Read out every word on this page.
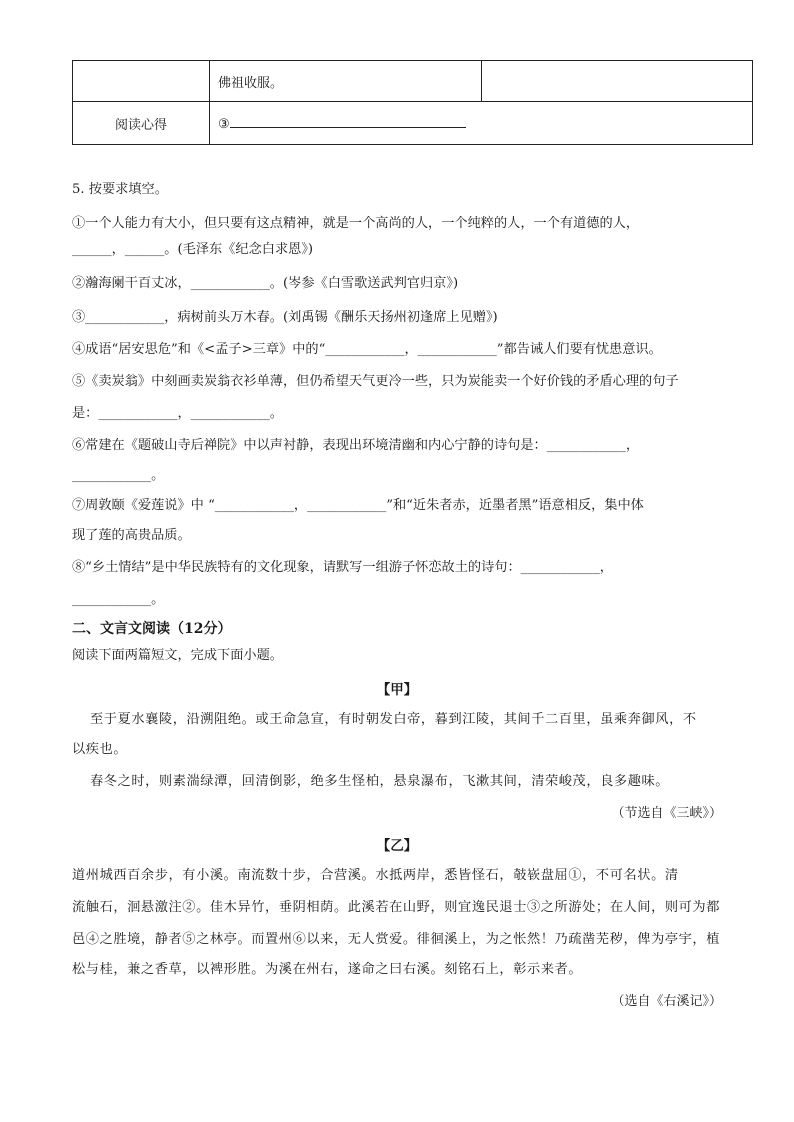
	佛祖收服。	
阅读心得	③	
5. 按要求填空。
①一个人能力有大小，但只要有这点精神，就是一个高尚的人，一个纯粹的人，一个有道德的人，
______，______。(毛泽东《纪念白求恩》)
②瀚海阑干百丈冰，____________。(岑参《白雪歌送武判官归京》)
③____________，病树前头万木春。(刘禹锡《酬乐天扬州初逢席上见赠》)
④成语“居安思危”和《<孟子>三章》中的“____________，____________”都告诫人们要有忧患意识。
⑤《卖炭翁》中刻画卖炭翁衣衫单薄，但仍希望天气更冷一些，只为炭能卖一个好价钱的矛盾心理的句子
是：____________，____________。
⑥常建在《题破山寺后禅院》中以声衬静，表现出环境清幽和内心宁静的诗句是：____________，
____________。
⑦周敦颐《爱莲说》中 “____________，____________”和“近朱者赤，近墨者黑”语意相反，集中体
现了莲的高贵品质。
⑧“乡土情结”是中华民族特有的文化现象，请默写一组游子怀恋故土的诗句：____________，
____________。
二、文言文阅读（12分）
阅读下面两篇短文，完成下面小题。
【甲】
至于夏水襄陵，沿溯阻绝。或王命急宣，有时朝发白帝，暮到江陵，其间千二百里，虽乘奔御风，不
以疾也。
春冬之时，则素湍绿潭，回清倒影，绝多生怪柏，悬泉瀑布，飞漱其间，清荣峻茂，良多趣味。
（节选自《三峡》）
【乙】
道州城西百余步，有小溪。南流数十步，合营溪。水抵两岸，悉皆怪石，攲嵚盘屈①，不可名状。清
流触石，洄悬激注②。佳木异竹，垂阴相荫。此溪若在山野，则宜逸民退士③之所游处；在人间，则可为都
邑④之胜境，静者⑤之林亭。而置州⑥以来，无人赏爱。徘徊溪上，为之怅然！乃疏凿芜秽，俾为亭宇，植
松与桂，兼之香草，以裨形胜。为溪在州右，遂命之曰右溪。刻铭石上，彰示来者。
（选自《右溪记》）
